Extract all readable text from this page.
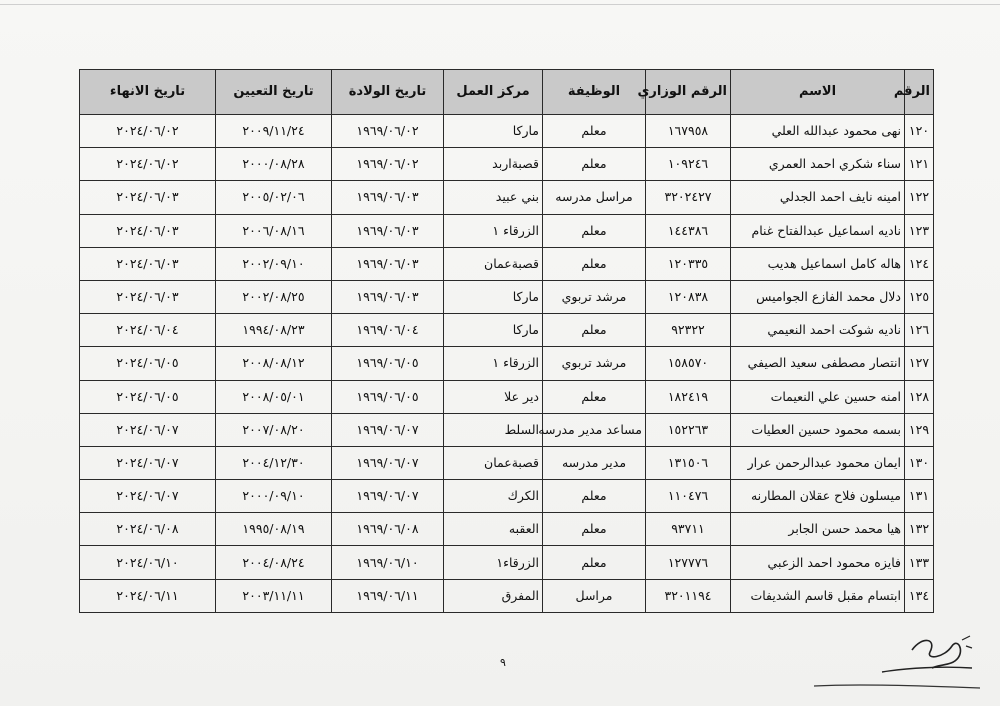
الرقم	الاسم	الرقم الوزاري	الوظيفة	مركز العمل	تاريخ الولادة	تاريخ التعيين	تاريخ الانهاء
١٢٠	نهى محمود عبدالله العلي	١٦٧٩٥٨	معلم	ماركا	١٩٦٩/٠٦/٠٢	٢٠٠٩/١١/٢٤	٢٠٢٤/٠٦/٠٢
١٢١	سناء شكري احمد العمري	١٠٩٢٤٦	معلم	قصبةاربد	١٩٦٩/٠٦/٠٢	٢٠٠٠/٠٨/٢٨	٢٠٢٤/٠٦/٠٢
١٢٢	امينه نايف احمد الجدلي	٣٢٠٢٤٢٧	مراسل مدرسه	بني عبيد	١٩٦٩/٠٦/٠٣	٢٠٠٥/٠٢/٠٦	٢٠٢٤/٠٦/٠٣
١٢٣	ناديه اسماعيل عبدالفتاح غنام	١٤٤٣٨٦	معلم	الزرقاء ١	١٩٦٩/٠٦/٠٣	٢٠٠٦/٠٨/١٦	٢٠٢٤/٠٦/٠٣
١٢٤	هاله كامل اسماعيل هديب	١٢٠٣٣٥	معلم	قصبةعمان	١٩٦٩/٠٦/٠٣	٢٠٠٢/٠٩/١٠	٢٠٢٤/٠٦/٠٣
١٢٥	دلال محمد الفازع الجواميس	١٢٠٨٣٨	مرشد تربوي	ماركا	١٩٦٩/٠٦/٠٣	٢٠٠٢/٠٨/٢٥	٢٠٢٤/٠٦/٠٣
١٢٦	ناديه شوكت احمد النعيمي	٩٢٣٢٢	معلم	ماركا	١٩٦٩/٠٦/٠٤	١٩٩٤/٠٨/٢٣	٢٠٢٤/٠٦/٠٤
١٢٧	انتصار مصطفى سعيد الصيفي	١٥٨٥٧٠	مرشد تربوي	الزرقاء ١	١٩٦٩/٠٦/٠٥	٢٠٠٨/٠٨/١٢	٢٠٢٤/٠٦/٠٥
١٢٨	امنه حسين علي النعيمات	١٨٢٤١٩	معلم	دير علا	١٩٦٩/٠٦/٠٥	٢٠٠٨/٠٥/٠١	٢٠٢٤/٠٦/٠٥
١٢٩	بسمه محمود حسين العطيات	١٥٢٢٦٣	مساعد مدير مدرسه	السلط	١٩٦٩/٠٦/٠٧	٢٠٠٧/٠٨/٢٠	٢٠٢٤/٠٦/٠٧
١٣٠	ايمان محمود عبدالرحمن عرار	١٣١٥٠٦	مدير مدرسه	قصبةعمان	١٩٦٩/٠٦/٠٧	٢٠٠٤/١٢/٣٠	٢٠٢٤/٠٦/٠٧
١٣١	ميسلون فلاح عقلان المطارنه	١١٠٤٧٦	معلم	الكرك	١٩٦٩/٠٦/٠٧	٢٠٠٠/٠٩/١٠	٢٠٢٤/٠٦/٠٧
١٣٢	هيا محمد حسن الجابر	٩٣٧١١	معلم	العقبه	١٩٦٩/٠٦/٠٨	١٩٩٥/٠٨/١٩	٢٠٢٤/٠٦/٠٨
١٣٣	فايزه محمود احمد الزعبي	١٢٧٧٧٦	معلم	الزرقاء١	١٩٦٩/٠٦/١٠	٢٠٠٤/٠٨/٢٤	٢٠٢٤/٠٦/١٠
١٣٤	ابتسام مقبل قاسم الشديفات	٣٢٠١١٩٤	مراسل	المفرق	١٩٦٩/٠٦/١١	٢٠٠٣/١١/١١	٢٠٢٤/٠٦/١١
٩
